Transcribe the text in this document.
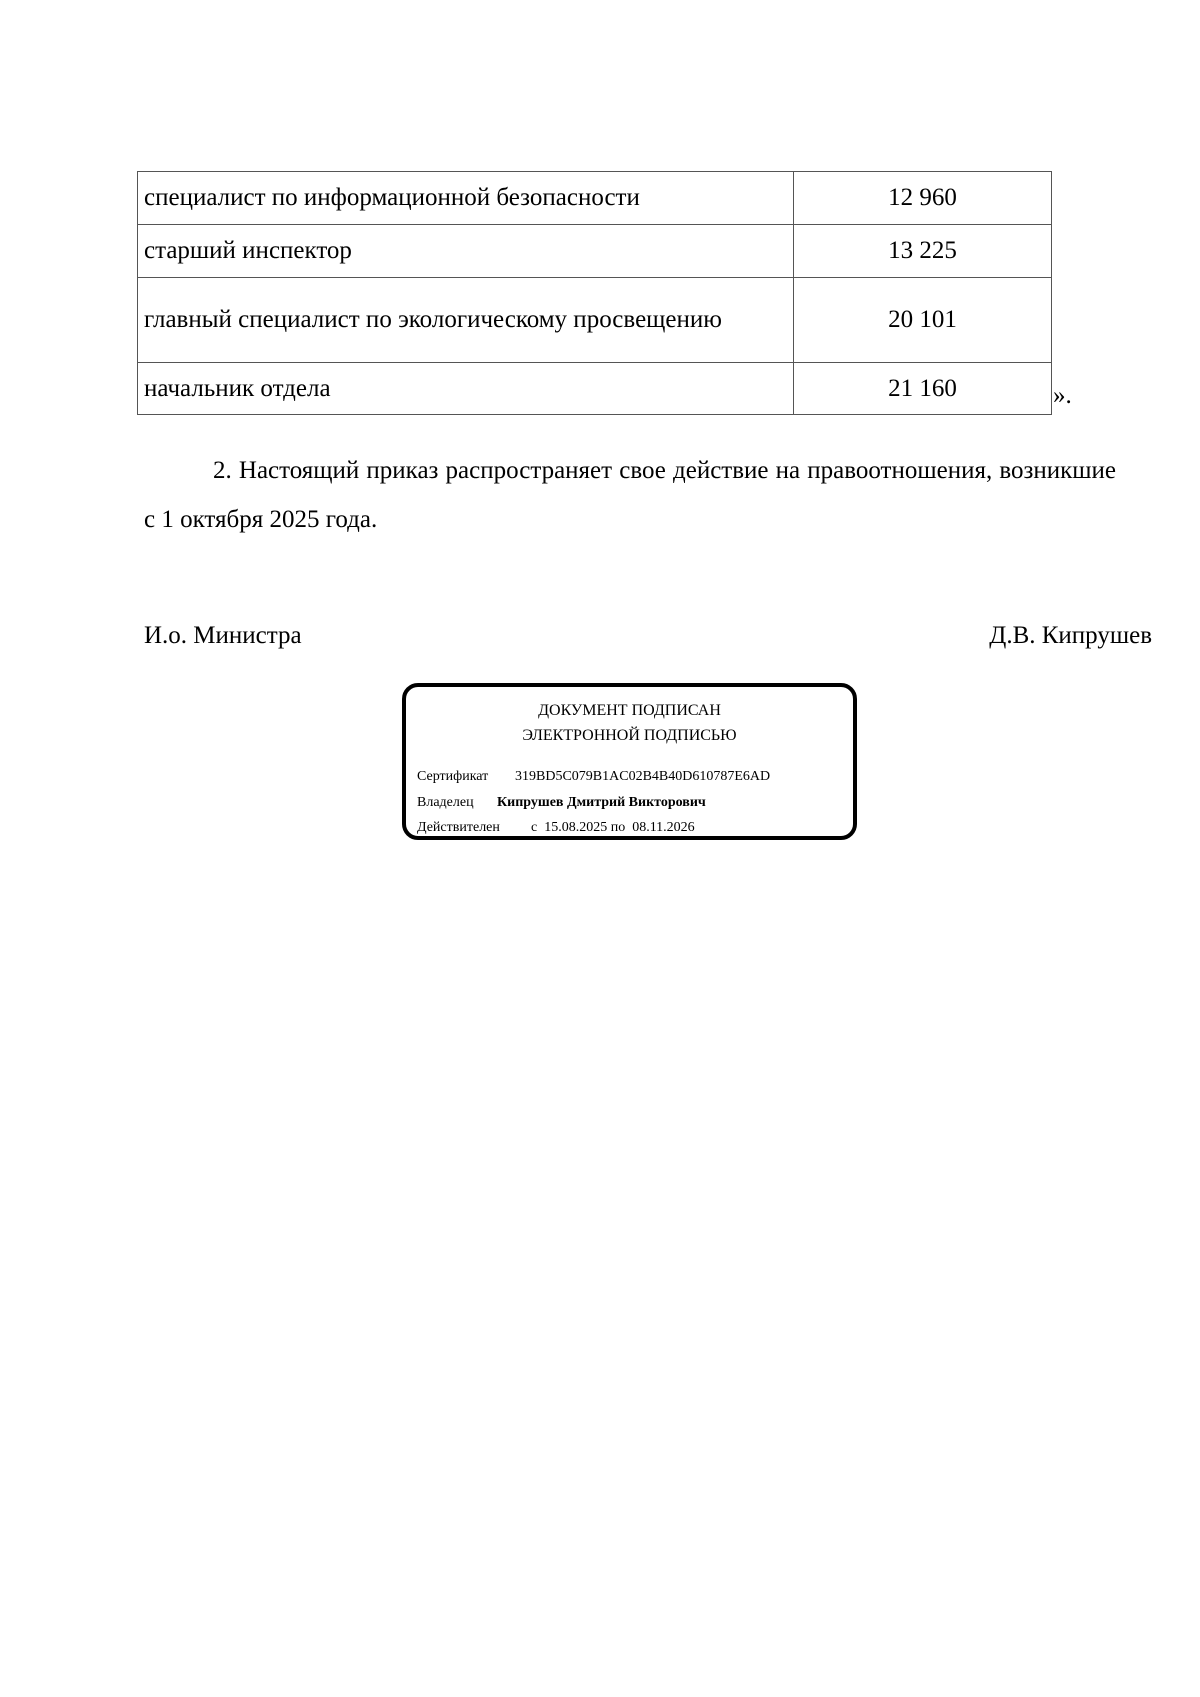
специалист по информационной безопасности	12 960
старший инспектор	13 225
главный специалист по экологическому просвещению	20 101
начальник отдела	21 160	».

2. Настоящий приказ распространяет свое действие на правоотношения, возникшие с 1 октября 2025 года.

И.о. Министра	Д.В. Кипрушев

ДОКУМЕНТ ПОДПИСАН
ЭЛЕКТРОННОЙ ПОДПИСЬЮ
Сертификат 319BD5C079B1AC02B4B40D610787E6AD
Владелец Кипрушев Дмитрий Викторович
Действителен с  15.08.2025 по  08.11.2026
